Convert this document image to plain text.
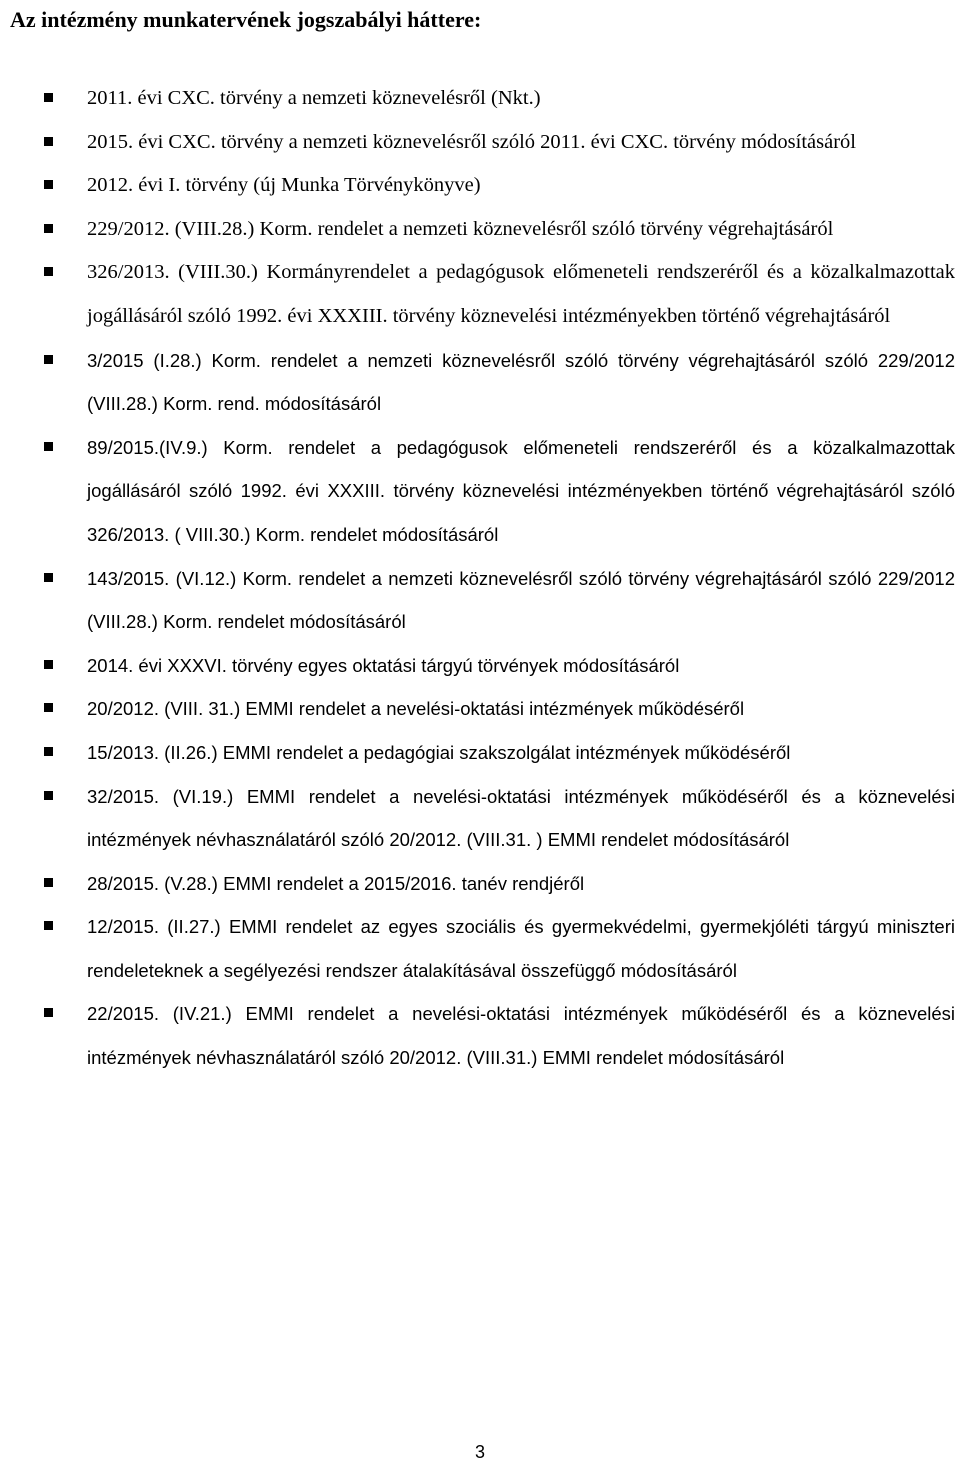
Az intézmény munkatervének jogszabályi háttere:
2011. évi CXC. törvény a nemzeti köznevelésről (Nkt.)
2015. évi CXC. törvény a nemzeti köznevelésről szóló 2011. évi CXC. törvény módosításáról
2012. évi I. törvény (új Munka Törvénykönyve)
229/2012. (VIII.28.) Korm. rendelet a nemzeti köznevelésről szóló törvény végrehajtásáról
326/2013. (VIII.30.) Kormányrendelet a pedagógusok előmeneteli rendszeréről és a közalkalmazottak jogállásáról szóló 1992. évi XXXIII. törvény köznevelési intézményekben történő végrehajtásáról
3/2015 (I.28.) Korm. rendelet a nemzeti köznevelésről szóló törvény végrehajtásáról szóló 229/2012 (VIII.28.) Korm. rend. módosításáról
89/2015.(IV.9.) Korm. rendelet a pedagógusok előmeneteli rendszeréről és a közalkalmazottak jogállásáról szóló 1992. évi XXXIII. törvény köznevelési intézményekben történő végrehajtásáról szóló 326/2013. ( VIII.30.) Korm. rendelet módosításáról
143/2015. (VI.12.) Korm. rendelet a nemzeti köznevelésről szóló törvény végrehajtásáról szóló 229/2012 (VIII.28.) Korm. rendelet módosításáról
2014. évi XXXVI. törvény egyes oktatási tárgyú törvények módosításáról
20/2012. (VIII. 31.) EMMI rendelet a nevelési-oktatási intézmények működéséről
15/2013. (II.26.) EMMI rendelet a pedagógiai szakszolgálat intézmények működéséről
32/2015. (VI.19.) EMMI rendelet a nevelési-oktatási intézmények működéséről és a köznevelési intézmények névhasználatáról szóló 20/2012. (VIII.31. ) EMMI rendelet módosításáról
28/2015. (V.28.) EMMI rendelet a 2015/2016. tanév rendjéről
12/2015. (II.27.) EMMI rendelet az egyes szociális és gyermekvédelmi, gyermekjóléti tárgyú miniszteri rendeleteknek a segélyezési rendszer átalakításával összefüggő módosításáról
22/2015. (IV.21.) EMMI rendelet a nevelési-oktatási intézmények működéséről és a köznevelési intézmények névhasználatáról szóló 20/2012. (VIII.31.) EMMI rendelet módosításáról
3
